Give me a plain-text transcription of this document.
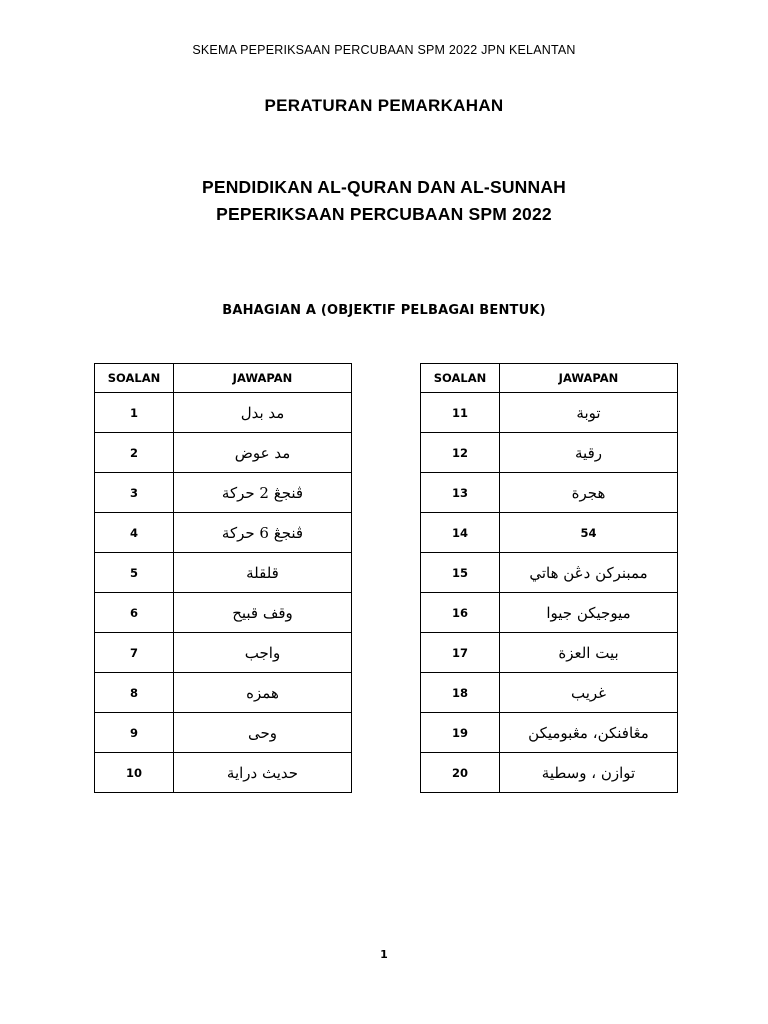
SKEMA PEPERIKSAAN PERCUBAAN SPM 2022 JPN KELANTAN
PERATURAN PEMARKAHAN
PENDIDIKAN AL-QURAN DAN AL-SUNNAH
PEPERIKSAAN PERCUBAAN SPM 2022
BAHAGIAN A (OBJEKTIF PELBAGAI BENTUK)
SOALAN	JAWAPAN
1	مد بدل
2	مد عوض
3	ڤنجڠ 2 حركة
4	ڤنجڠ 6 حركة
5	قلقلة
6	وقف قبيح
7	واجب
8	همزه
9	وحى
10	حديث دراية
SOALAN	JAWAPAN
11	توبة
12	رقية
13	هجرة
14	54
15	ممبنركن دڠن هاتي
16	ميوجيكن جيوا
17	بيت العزة
18	غريب
19	مڠافنكن، مڠبوميكن
20	توازن ، وسطية
1
